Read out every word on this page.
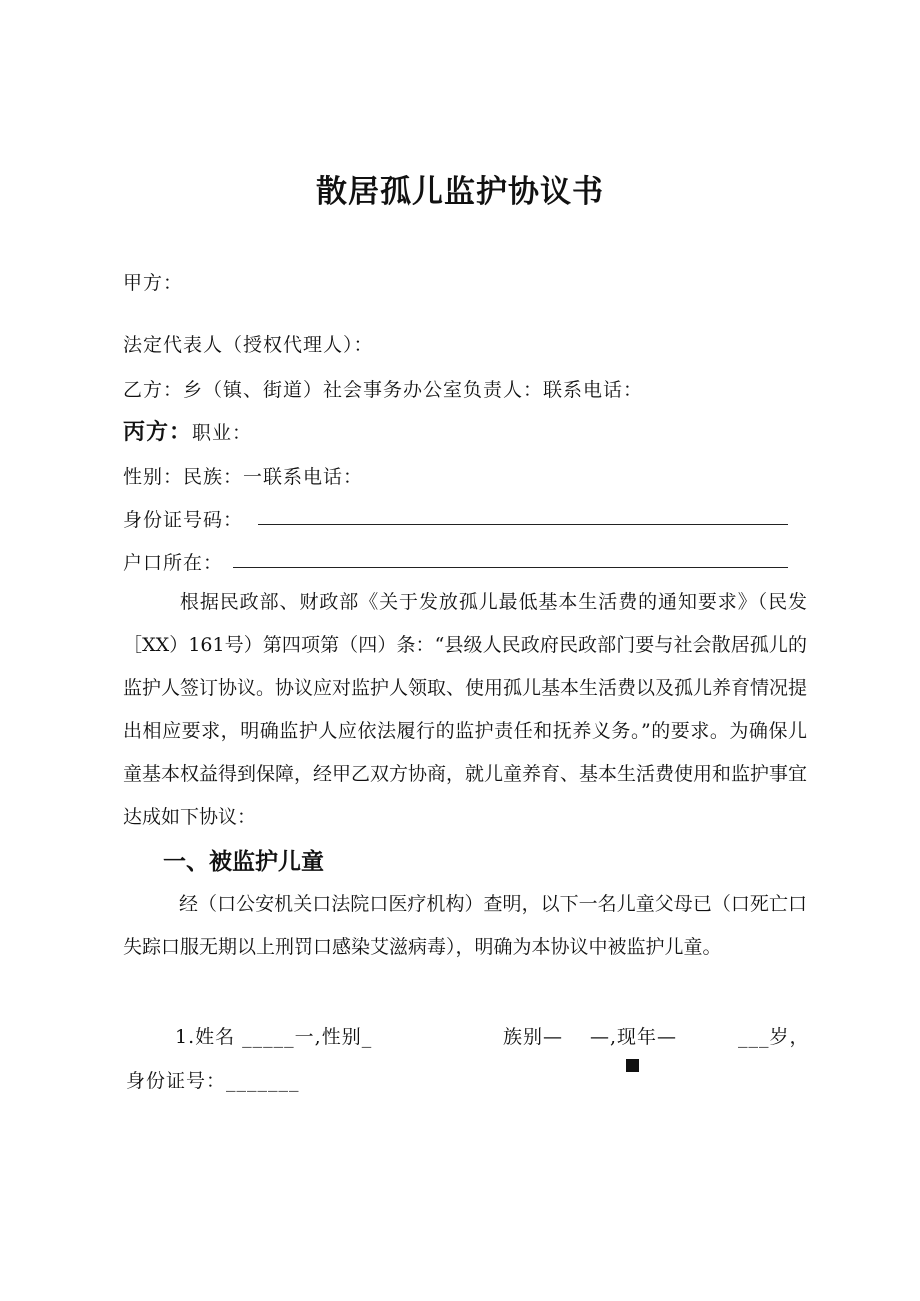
散居孤儿监护协议书
甲方：
法定代表人（授权代理人）：
乙方：乡（镇、街道）社会事务办公室负责人：联系电话：
丙方：职业：
性别：民族：一联系电话：
身份证号码：
户口所在：
根据民政部、财政部《关于发放孤儿最低基本生活费的通知要求》（民发［XX）161号）第四项第（四）条：“县级人民政府民政部门要与社会散居孤儿的监护人签订协议。协议应对监护人领取、使用孤儿基本生活费以及孤儿养育情况提出相应要求，明确监护人应依法履行的监护责任和抚养义务。”的要求。为确保儿童基本权益得到保障，经甲乙双方协商，就儿童养育、基本生活费使用和监护事宜达成如下协议：
一、被监护儿童
经（口公安机关口法院口医疗机构）查明，以下一名儿童父母已（口死亡口失踪口服无期以上刑罚口感染艾滋病毒），明确为本协议中被监护儿童。
1.姓名 _____一,性别_	族别— —,现年—	___岁，
身份证号：_______
